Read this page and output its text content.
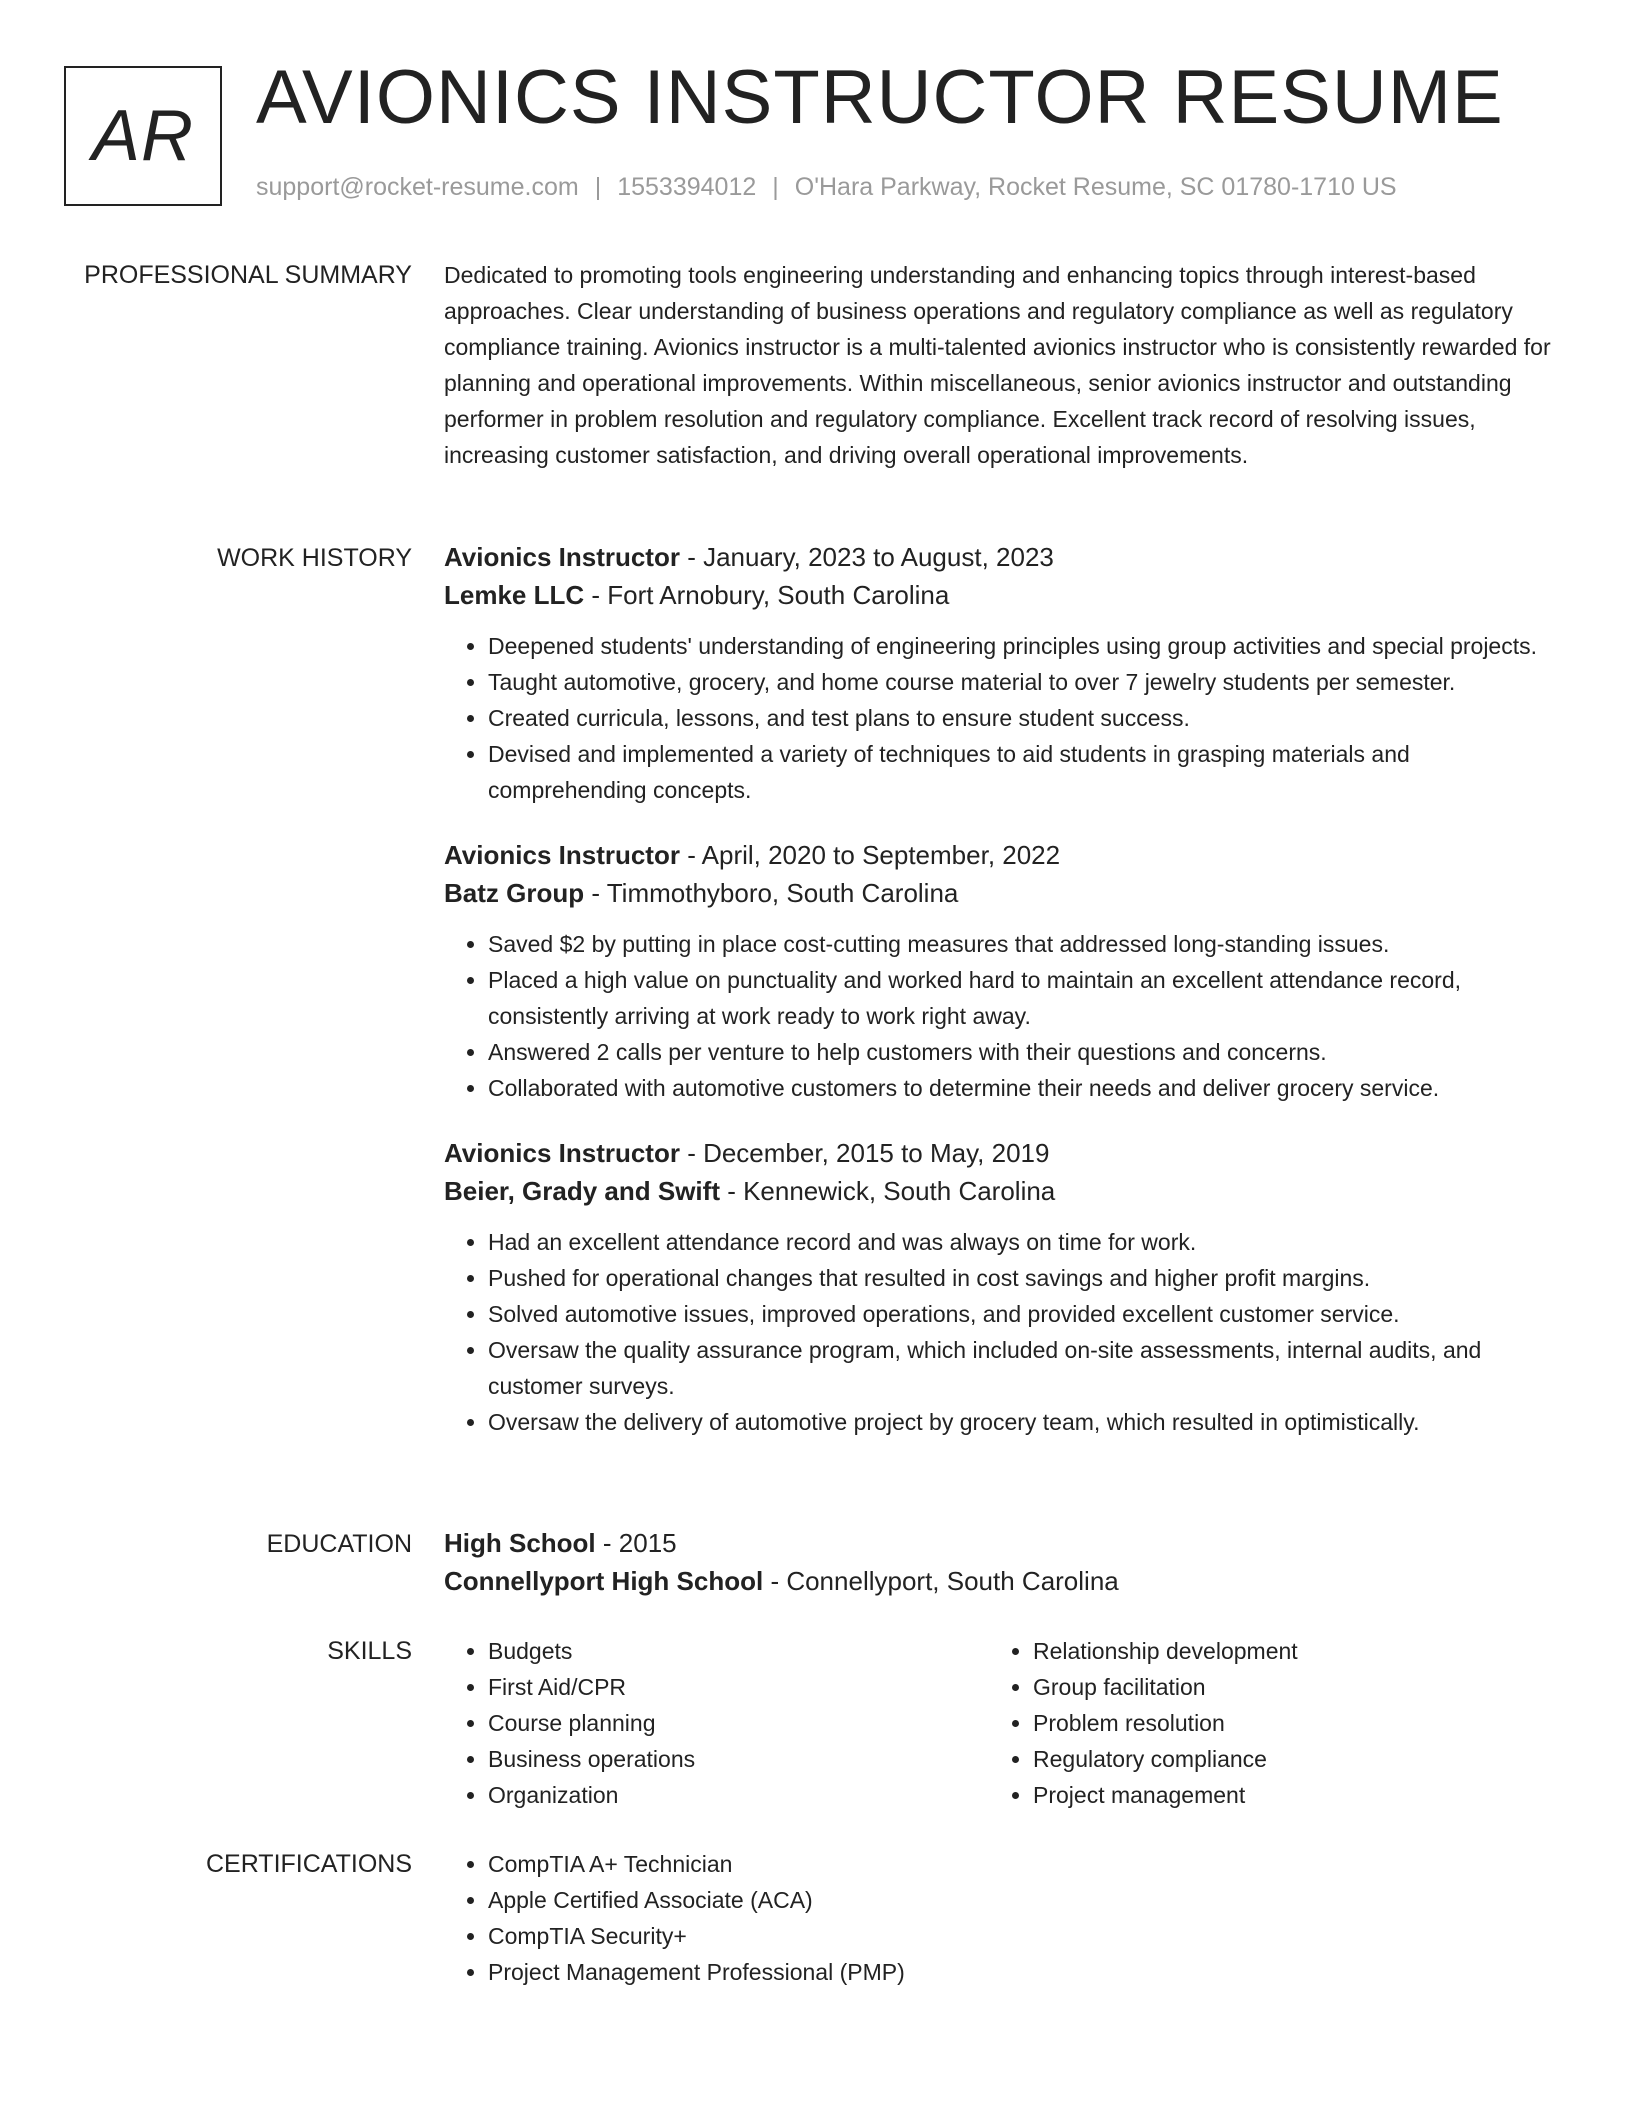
AR AVIONICS INSTRUCTOR RESUME
support@rocket-resume.com | 1553394012 | O'Hara Parkway, Rocket Resume, SC 01780-1710 US
PROFESSIONAL SUMMARY Dedicated to promoting tools engineering understanding and enhancing topics through interest-based approaches. Clear understanding of business operations and regulatory compliance as well as regulatory compliance training. Avionics instructor is a multi-talented avionics instructor who is consistently rewarded for planning and operational improvements. Within miscellaneous, senior avionics instructor and outstanding performer in problem resolution and regulatory compliance. Excellent track record of resolving issues, increasing customer satisfaction, and driving overall operational improvements.

WORK HISTORY Avionics Instructor - January, 2023 to August, 2023

Lemke LLC - Fort Arnobury, South Carolina

• Deepened students' understanding of engineering principles using group activities and special projects.
• Taught automotive, grocery, and home course material to over 7 jewelry students per semester.
• Created curricula, lessons, and test plans to ensure student success.
• Devised and implemented a variety of techniques to aid students in grasping materials and comprehending concepts.

Avionics Instructor - April, 2020 to September, 2022

Batz Group - Timmothyboro, South Carolina

• Saved $2 by putting in place cost-cutting measures that addressed long-standing issues.
• Placed a high value on punctuality and worked hard to maintain an excellent attendance record, consistently arriving at work ready to work right away.
• Answered 2 calls per venture to help customers with their questions and concerns.
• Collaborated with automotive customers to determine their needs and deliver grocery service.

Avionics Instructor - December, 2015 to May, 2019

Beier, Grady and Swift - Kennewick, South Carolina

• Had an excellent attendance record and was always on time for work.
• Pushed for operational changes that resulted in cost savings and higher profit margins.
• Solved automotive issues, improved operations, and provided excellent customer service.
• Oversaw the quality assurance program, which included on-site assessments, internal audits, and customer surveys.
• Oversaw the delivery of automotive project by grocery team, which resulted in optimistically.
EDUCATION High School - 2015

Connellyport High School - Connellyport, South Carolina

SKILLS	• Budgets
• First Aid/CPR
• Course planning
• Business operations
• Organization
• Relationship development
• Group facilitation
• Problem resolution
• Regulatory compliance
• Project management
CERTIFICATIONS	• CompTIA A+ Technician
• Apple Certified Associate (ACA)
• CompTIA Security+
• Project Management Professional (PMP)
